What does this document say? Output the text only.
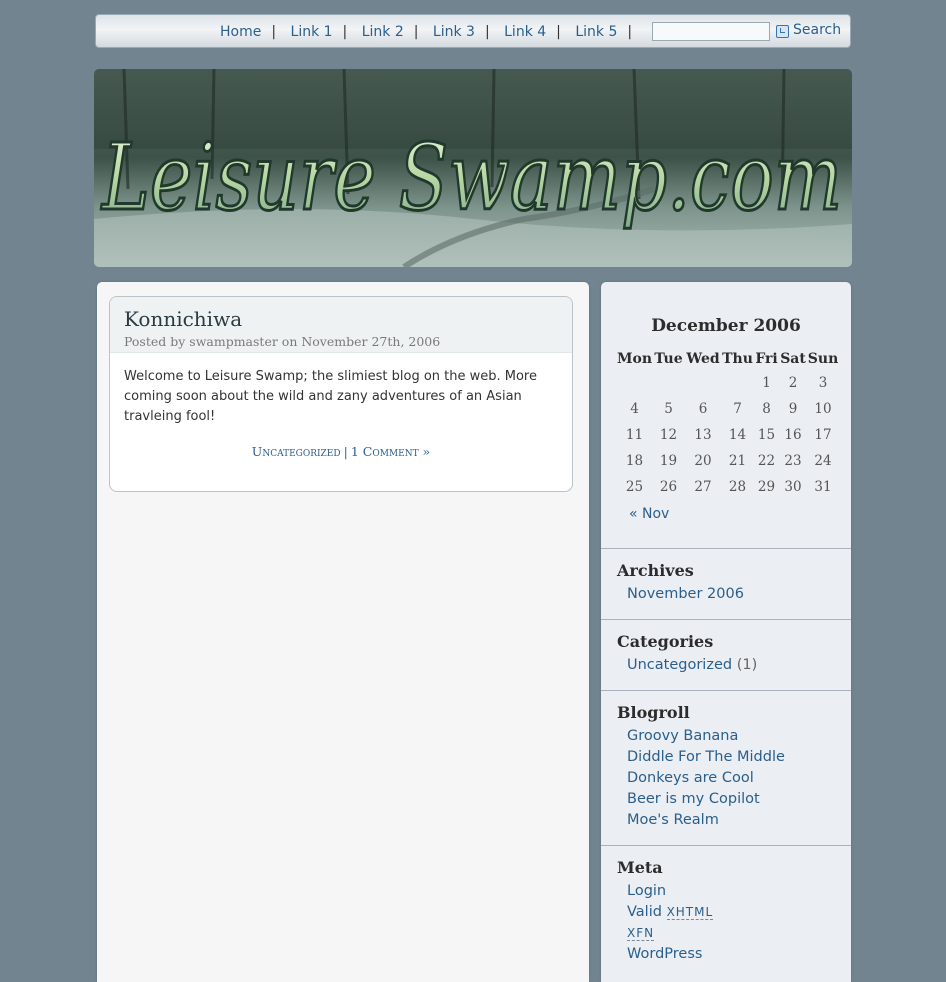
Home | Link 1 | Link 2 | Link 3 | Link 4 | Link 5 |	Search
Leisure Swamp.com
Konnichiwa
Posted by swampmaster on November 27th, 2006
Welcome to Leisure Swamp; the slimiest blog on the web. More coming soon about the wild and zany adventures of an Asian travleing fool!
Uncategorized | 1 Comment »
December 2006
Mon	Tue	Wed	Thu	Fri	Sat	Sun
				1	2	3
4	5	6	7	8	9	10
11	12	13	14	15	16	17
18	19	20	21	22	23	24
25	26	27	28	29	30	31
« Nov
Archives
November 2006
Categories
Uncategorized (1)
Blogroll
Groovy Banana
Diddle For The Middle
Donkeys are Cool
Beer is my Copilot
Moe's Realm
Meta
Login
Valid XHTML
XFN
WordPress
